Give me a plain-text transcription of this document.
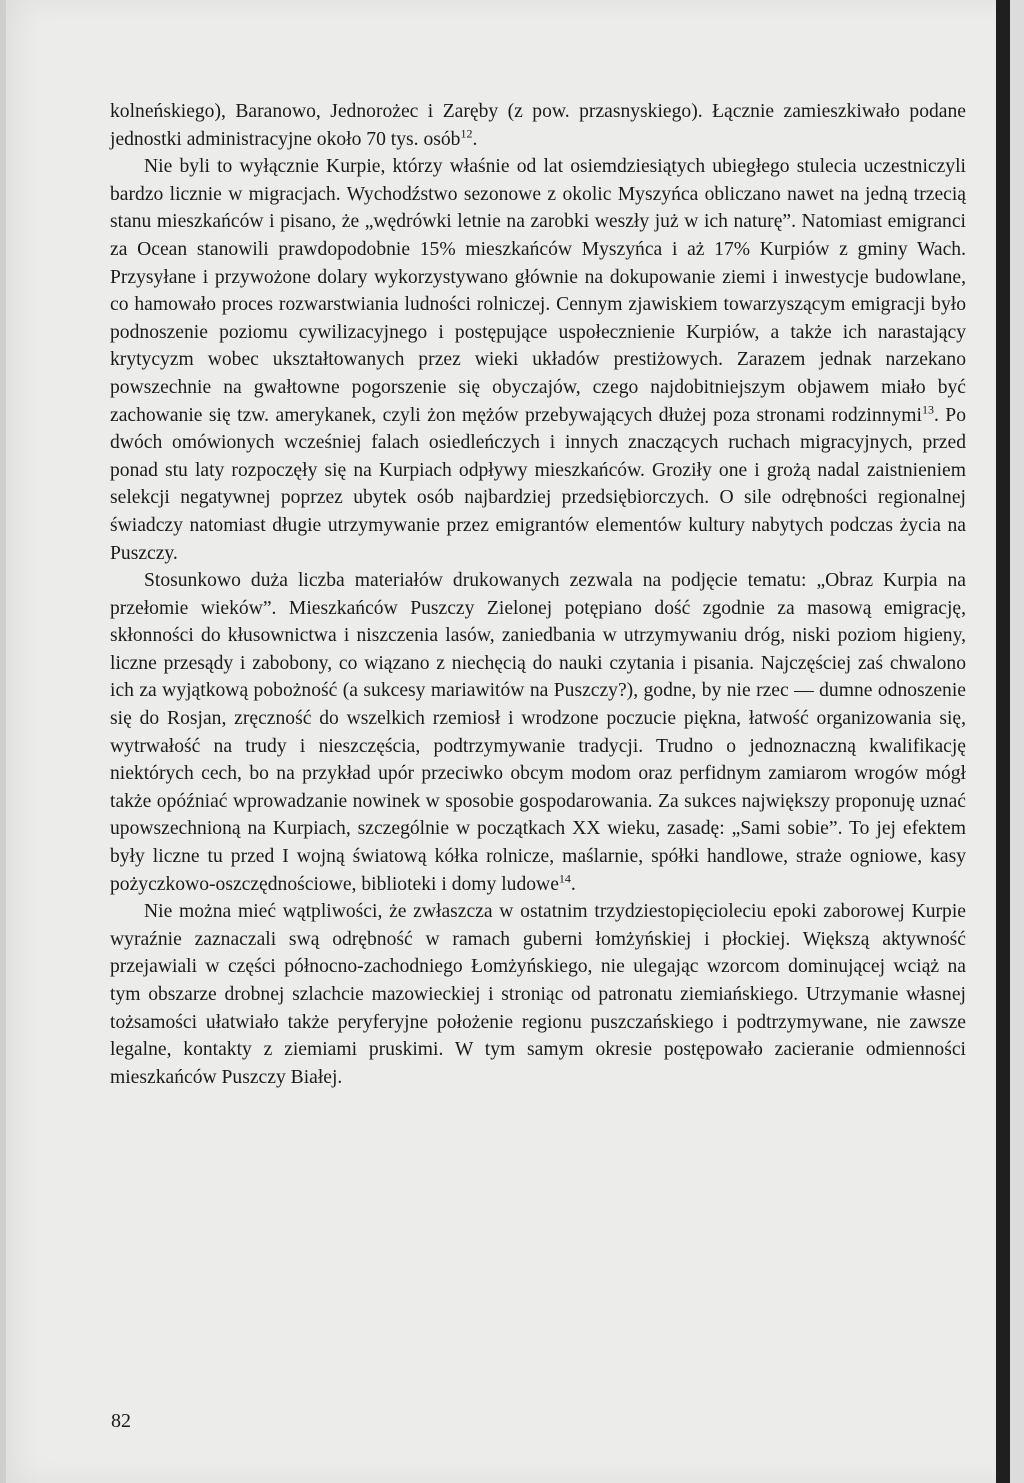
kolneńskiego), Baranowo, Jednorożec i Zaręby (z pow. przasnyskiego). Łącznie zamieszkiwało podane jednostki administracyjne około 70 tys. osób$^{12}$.

Nie byli to wyłącznie Kurpie, którzy właśnie od lat osiemdziesiątych ubiegłego stulecia uczestniczyli bardzo licznie w migracjach. Wychodźstwo sezonowe z okolic Myszyńca obliczano nawet na jedną trzecią stanu mieszkańców i pisano, że „wędrówki letnie na zarobki weszły już w ich naturę”. Natomiast emigranci za Ocean stanowili prawdopodobnie 15% mieszkańców Myszyńca i aż 17% Kurpiów z gminy Wach. Przysyłane i przywożone dolary wykorzystywano głównie na dokupowanie ziemi i inwestycje budowlane, co hamowało proces rozwarstwiania ludności rolniczej. Cennym zjawiskiem towarzyszącym emigracji było podnoszenie poziomu cywilizacyjnego i postępujące uspołecznienie Kurpiów, a także ich narastający krytycyzm wobec ukształtowanych przez wieki układów prestiżowych. Zarazem jednak narzekano powszechnie na gwałtowne pogorszenie się obyczajów, czego najdobitniejszym objawem miało być zachowanie się tzw. amerykanek, czyli żon mężów przebywających dłużej poza stronami rodzinnymi$^{13}$. Po dwóch omówionych wcześniej falach osiedleńczych i innych znaczących ruchach migracyjnych, przed ponad stu laty rozpoczęły się na Kurpiach odpływy mieszkańców. Groziły one i grożą nadal zaistnieniem selekcji negatywnej poprzez ubytek osób najbardziej przedsiębiorczych. O sile odrębności regionalnej świadczy natomiast długie utrzymywanie przez emigrantów elementów kultury nabytych podczas życia na Puszczy.

Stosunkowo duża liczba materiałów drukowanych zezwala na podjęcie tematu: „Obraz Kurpia na przełomie wieków”. Mieszkańców Puszczy Zielonej potępiano dość zgodnie za masową emigrację, skłonności do kłusownictwa i niszczenia lasów, zaniedbania w utrzymywaniu dróg, niski poziom higieny, liczne przesądy i zabobony, co wiązano z niechęcią do nauki czytania i pisania. Najczęściej zaś chwalono ich za wyjątkową pobożność (a sukcesy mariawitów na Puszczy?), godne, by nie rzec — dumne odnoszenie się do Rosjan, zręczność do wszelkich rzemiosł i wrodzone poczucie piękna, łatwość organizowania się, wytrwałość na trudy i nieszczęścia, podtrzymywanie tradycji. Trudno o jednoznaczną kwalifikację niektórych cech, bo na przykład upór przeciwko obcym modom oraz perfidnym zamiarom wrogów mógł także opóźniać wprowadzanie nowinek w sposobie gospodarowania. Za sukces największy proponuję uznać upowszechnioną na Kurpiach, szczególnie w początkach XX wieku, zasadę: „Sami sobie”. To jej efektem były liczne tu przed I wojną światową kółka rolnicze, maślarnie, spółki handlowe, straże ogniowe, kasy pożyczkowo-oszczędnościowe, biblioteki i domy ludowe$^{14}$.

Nie można mieć wątpliwości, że zwłaszcza w ostatnim trzydziestopięcioleciu epoki zaborowej Kurpie wyraźnie zaznaczali swą odrębność w ramach guberni łomżyńskiej i płockiej. Większą aktywność przejawiali w części północno-zachodniego Łomżyńskiego, nie ulegając wzorcom dominującej wciąż na tym obszarze drobnej szlachcie mazowieckiej i stroniąc od patronatu ziemiańskiego. Utrzymanie własnej tożsamości ułatwiało także peryferyjne położenie regionu puszczańskiego i podtrzymywane, nie zawsze legalne, kontakty z ziemiami pruskimi. W tym samym okresie postępowało zacieranie odmienności mieszkańców Puszczy Białej.

82
